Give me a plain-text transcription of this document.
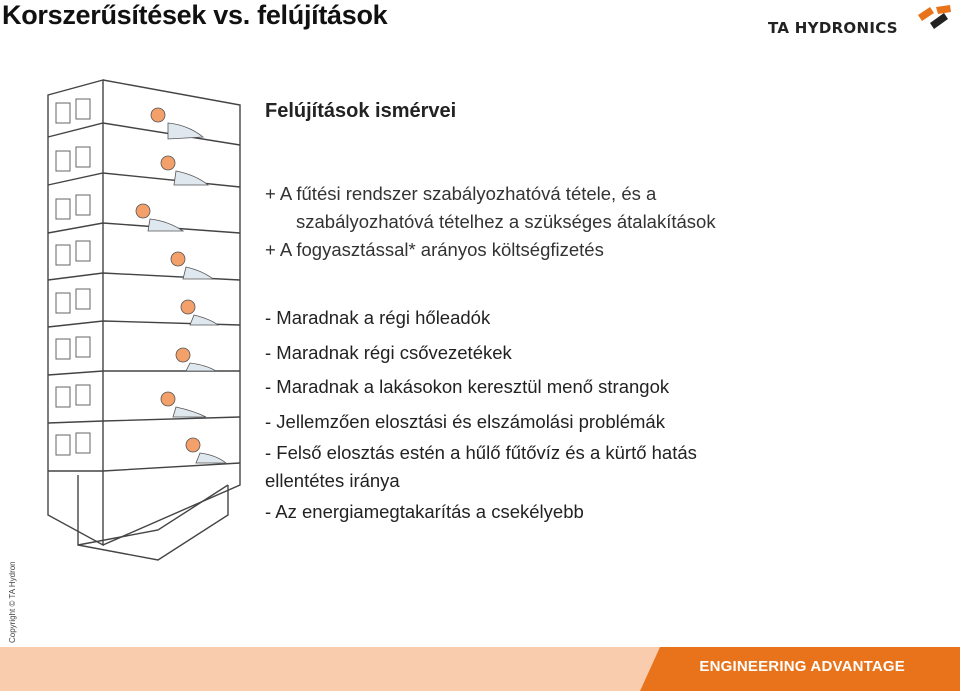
Korszerűsítések vs. felújítások	TA HYDRONICS
Felújítások ismérvei
+ A fűtési rendszer szabályozhatóvá tétele, és a
szabályozhatóvá tételhez a szükséges átalakítások
+ A fogyasztással* arányos költségfizetés
- Maradnak a régi hőleadók
- Maradnak régi csővezetékek
- Maradnak a lakásokon keresztül menő strangok
- Jellemzően elosztási és elszámolási problémák
- Felső elosztás estén a hűlő fűtővíz és a kürtő hatás
ellentétes iránya
- Az energiamegtakarítás a csekélyebb
Copyright © TA Hydron
ENGINEERING ADVANTAGE
